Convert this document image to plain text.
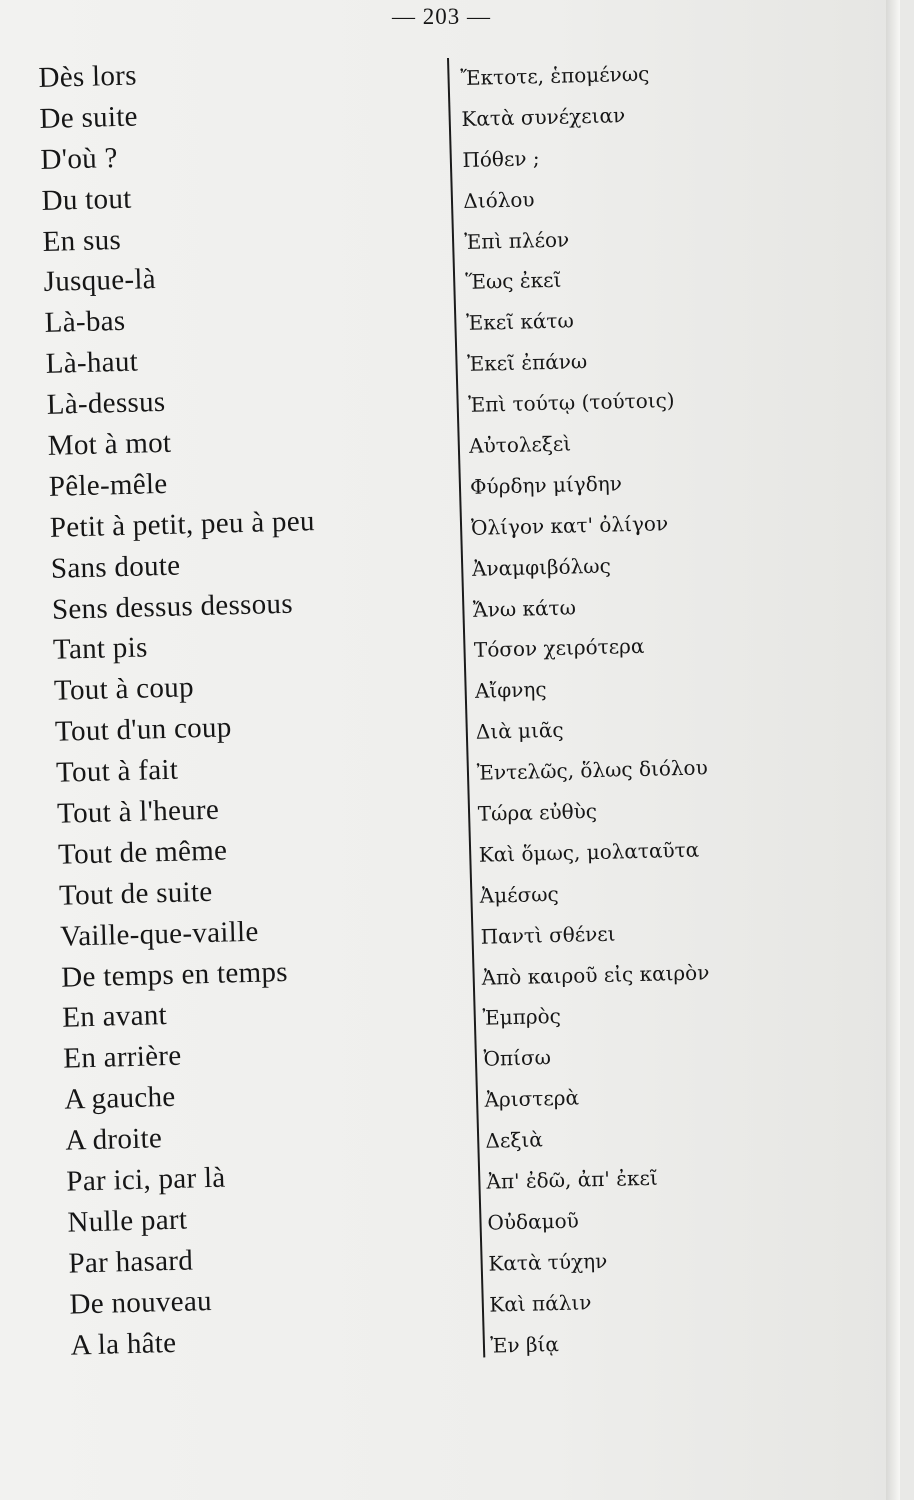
— 203 —
Dès lors
De suite
D'où ?
Du tout
En sus
Jusque-là
Là-bas
Là-haut
Là-dessus
Mot à mot
Pêle-mêle
Petit à petit, peu à peu
Sans doute
Sens dessus dessous
Tant pis
Tout à coup
Tout d'un coup
Tout à fait
Tout à l'heure
Tout de même
Tout de suite
Vaille-que-vaille
De temps en temps
En avant
En arrière
A gauche
A droite
Par ici, par là
Nulle part
Par hasard
De nouveau
A la hâte
Ἔκτοτε, ἑπομένως
Κατὰ συνέχειαν
Πόθεν ;
Διόλου
Ἐπὶ πλέον
Ἕως ἐκεῖ
Ἐκεῖ κάτω
Ἐκεῖ ἐπάνω
Ἐπὶ τούτῳ (τούτοις)
Αὐτολεξεὶ
Φύρδην μίγδην
Ὀλίγον κατ' ὀλίγον
Ἀναμφιβόλως
Ἄνω κάτω
Τόσον χειρότερα
Αἴφνης
Διὰ μιᾶς
Ἐντελῶς, ὅλως διόλου
Τώρα εὐθὺς
Καὶ ὅμως, μολαταῦτα
Ἀμέσως
Παντὶ σθένει
Ἀπὸ καιροῦ εἰς καιρὸν
Ἐμπρὸς
Ὀπίσω
Ἀριστερὰ
Δεξιὰ
Ἀπ' ἐδῶ, ἀπ' ἐκεῖ
Οὐδαμοῦ
Κατὰ τύχην
Καὶ πάλιν
Ἐν βίᾳ
